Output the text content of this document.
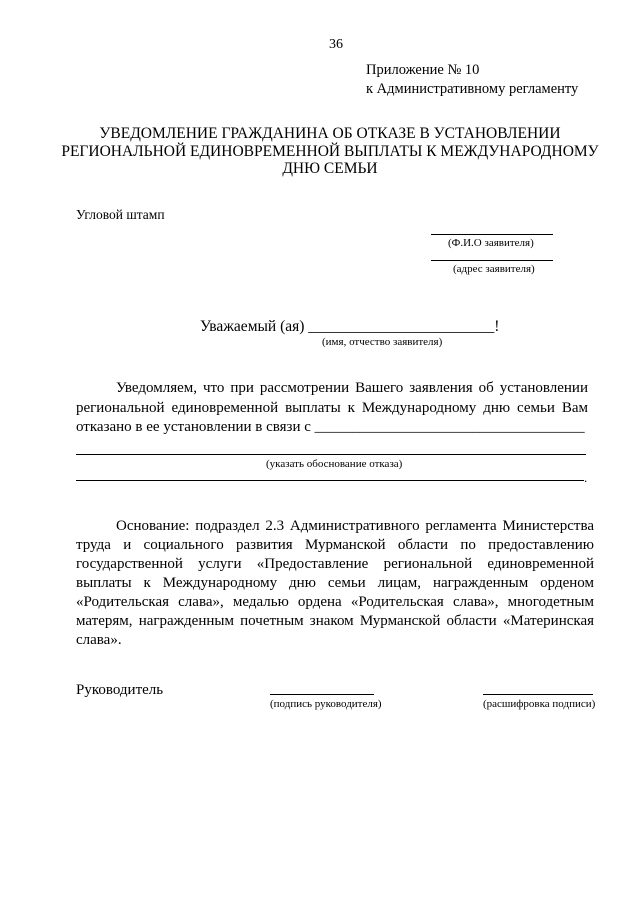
36
Приложение № 10
к Административному регламенту
УВЕДОМЛЕНИЕ ГРАЖДАНИНА ОБ ОТКАЗЕ В УСТАНОВЛЕНИИ РЕГИОНАЛЬНОЙ ЕДИНОВРЕМЕННОЙ ВЫПЛАТЫ К МЕЖДУНАРОДНОМУ ДНЮ СЕМЬИ
Угловой штамп
(Ф.И.О заявителя)
(адрес заявителя)
Уважаемый (ая) ________________________!
(имя, отчество заявителя)
Уведомляем, что при рассмотрении Вашего заявления об установлении региональной единовременной выплаты к Международному дню семьи Вам отказано в ее установлении в связи с ____________________________________
(указать обоснование отказа)
.
Основание: подраздел 2.3 Административного регламента Министерства труда и социального развития Мурманской области по предоставлению государственной услуги «Предоставление региональной единовременной выплаты к Международному дню семьи лицам, награжденным орденом «Родительская слава», медалью ордена «Родительская слава», многодетным матерям, награжденным почетным знаком Мурманской области «Материнская слава».
Руководитель
(подпись руководителя)	(расшифровка подписи)
